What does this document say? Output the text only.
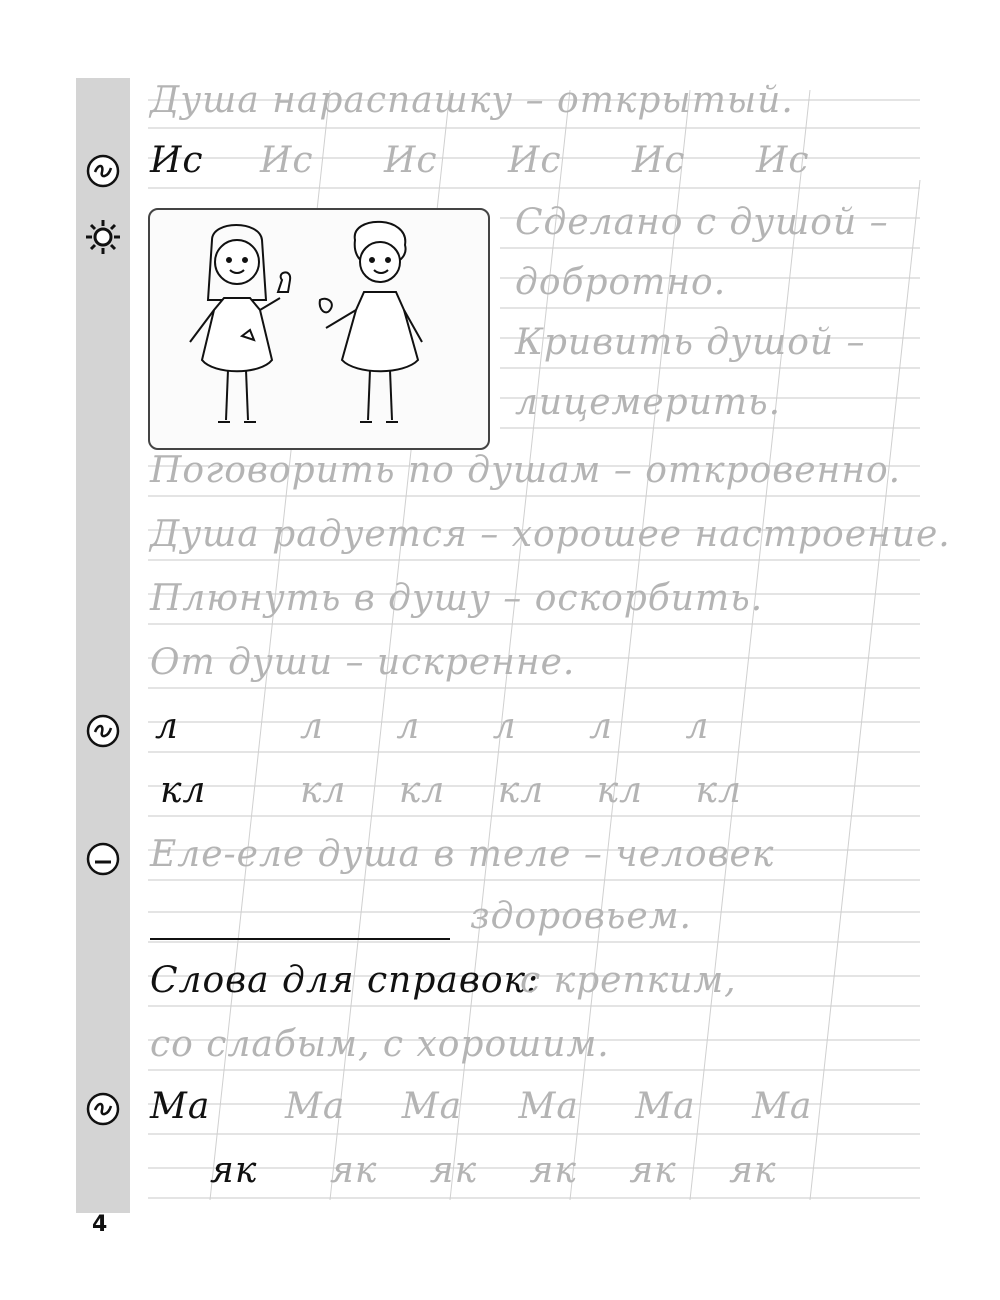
Душа нараспашку – открытый.
Ис Ис Ис Ис Ис Ис
Сделано с душой –
добротно.
Кривить душой –
лицемерить.
Поговорить по душам – откровенно.
Душа радуется – хорошее настроение.
Плюнуть в душу – оскорбить.
От души – искренне.
л	л л л л л
кл	кл кл кл кл кл
Еле-еле душа в теле – человек
здоровьем.
Слова для справок:
с крепким,
со слабым, с хорошим.
Ма Ма Ма Ма Ма Ма
як як як як як як
4
